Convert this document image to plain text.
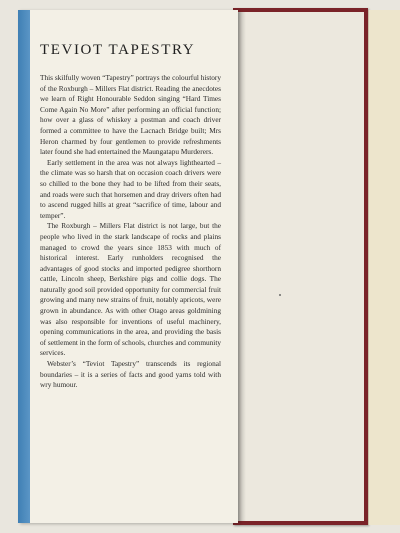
TEVIOT TAPESTRY

This skilfully woven “Tapestry” portrays the colourful history of the Roxburgh – Millers Flat district. Reading the anecdotes we learn of Right Honourable Seddon singing “Hard Times Come Again No More” after performing an official function; how over a glass of whiskey a postman and coach driver formed a committee to have the Lacnach Bridge built; Mrs Heron charmed by four gentlemen to provide refreshments later found she had entertained the Maungatapu Murderers.

Early settlement in the area was not always lighthearted – the climate was so harsh that on occasion coach drivers were so chilled to the bone they had to be lifted from their seats, and roads were such that horsemen and dray drivers often had to ascend rugged hills at great “sacrifice of time, labour and temper”.

The Roxburgh – Millers Flat district is not large, but the people who lived in the stark landscape of rocks and plains managed to crowd the years since 1853 with much of historical interest. Early runholders recognised the advantages of good stocks and imported pedigree shorthorn cattle, Lincoln sheep, Berkshire pigs and collie dogs. The naturally good soil provided opportunity for commercial fruit growing and many new strains of fruit, notably apricots, were grown in abundance. As with other Otago areas goldmining was also responsible for inventions of useful machinery, opening communications in the area, and providing the basis of settlement in the form of schools, churches and community services.

Webster’s “Teviot Tapestry” transcends its regional boundaries – it is a series of facts and good yarns told with wry humour.
